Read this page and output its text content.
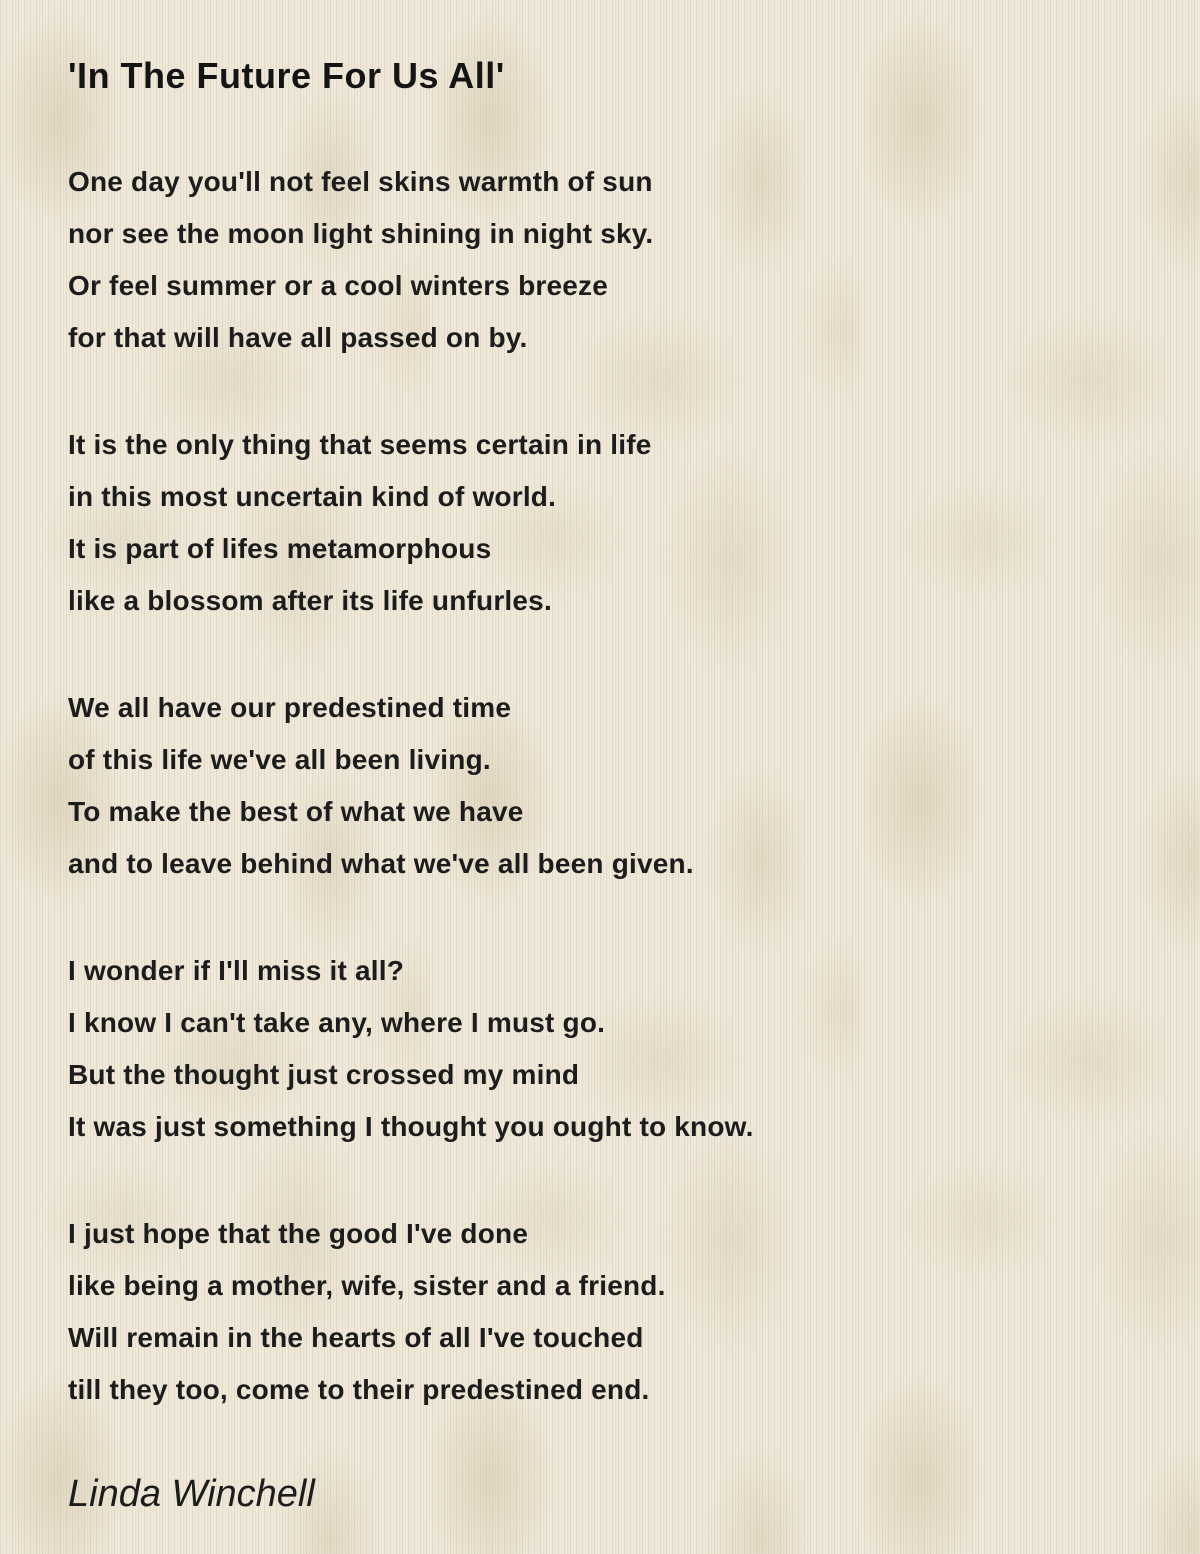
'In The Future For Us All'

One day you'll not feel skins warmth of sun

nor see the moon light shining in night sky.

Or feel summer or a cool winters breeze

for that will have all passed on by.

It is the only thing that seems certain in life

in this most uncertain kind of world.

It is part of lifes metamorphous

like a blossom after its life unfurles.

We all have our predestined time

of this life we've all been living.

To make the best of what we have

and to leave behind what we've all been given.

I wonder if I'll miss it all?

I know I can't take any, where I must go.

But the thought just crossed my mind

It was just something I thought you ought to know.

I just hope that the good I've done

like being a mother, wife, sister and a friend.

Will remain in the hearts of all I've touched

till they too, come to their predestined end.

Linda Winchell
